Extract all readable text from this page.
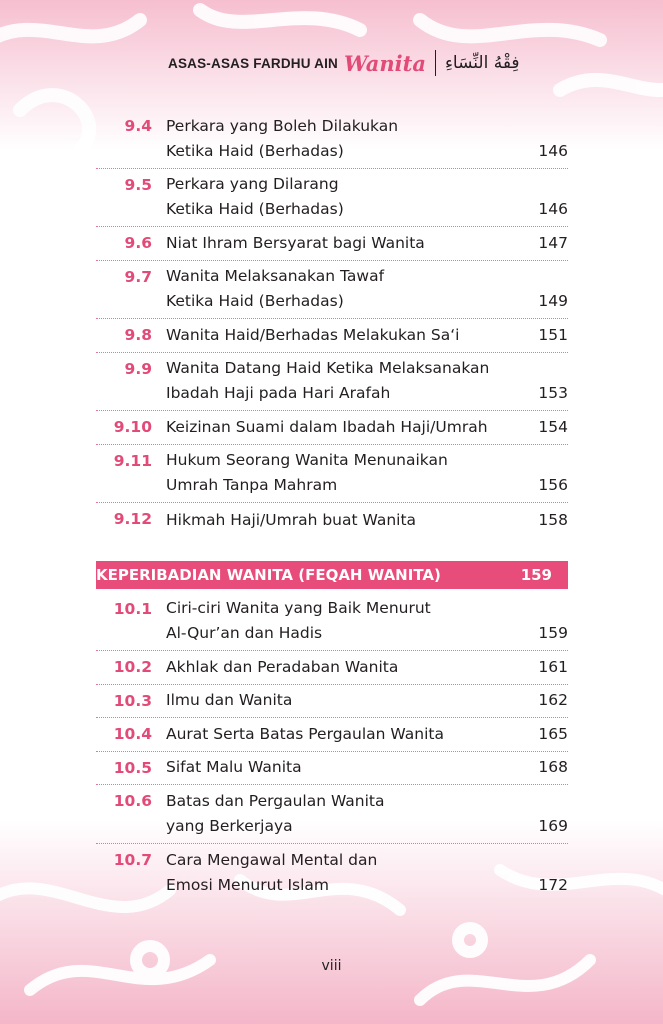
ASAS-ASAS FARDHU AIN Wanita فِقْهُ النِّسَاءِ
9.4 Perkara yang Boleh Dilakukan
Ketika Haid (Berhadas)	146
9.5 Perkara yang Dilarang
Ketika Haid (Berhadas)	146
9.6 Niat Ihram Bersyarat bagi Wanita	147
9.7 Wanita Melaksanakan Tawaf
Ketika Haid (Berhadas)	149
9.8 Wanita Haid/Berhadas Melakukan Sa‘i	151
9.9 Wanita Datang Haid Ketika Melaksanakan
Ibadah Haji pada Hari Arafah	153
9.10 Keizinan Suami dalam Ibadah Haji/Umrah	154
9.11 Hukum Seorang Wanita Menunaikan
Umrah Tanpa Mahram	156
9.12 Hikmah Haji/Umrah buat Wanita	158
KEPERIBADIAN WANITA (FEQAH WANITA)	159
10.1 Ciri-ciri Wanita yang Baik Menurut
Al-Qur’an dan Hadis	159
10.2 Akhlak dan Peradaban Wanita	161
10.3 Ilmu dan Wanita	162
10.4 Aurat Serta Batas Pergaulan Wanita	165
10.5 Sifat Malu Wanita	168
10.6 Batas dan Pergaulan Wanita
yang Berkerjaya	169
10.7 Cara Mengawal Mental dan
Emosi Menurut Islam	172
viii
